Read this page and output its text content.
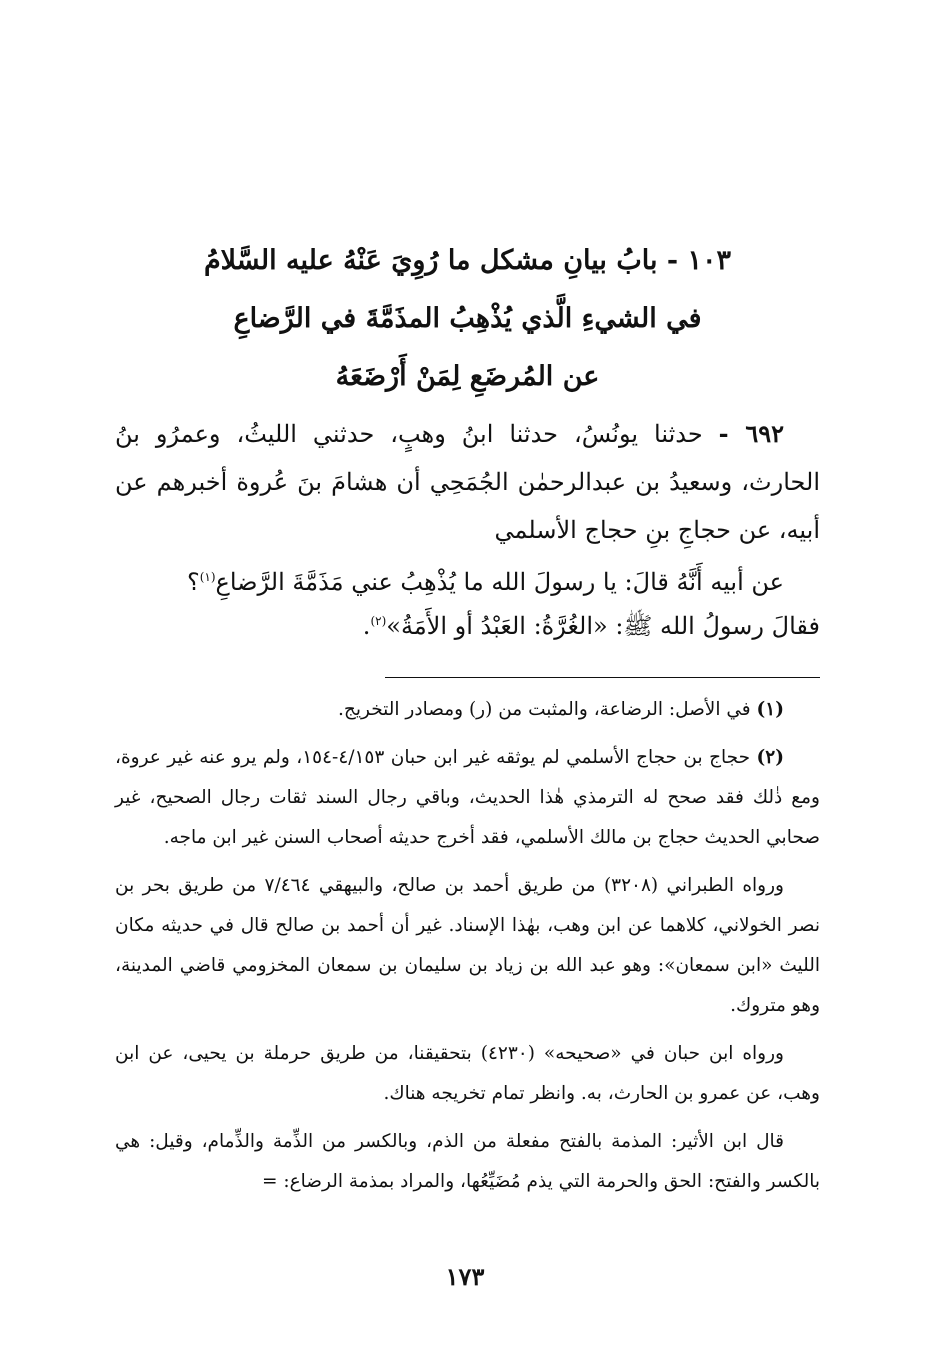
١٠٣ - بابُ بيانِ مشكل ما رُوِيَ عَنْهُ عليه السَّلامُ
في الشيءِ الَّذي يُذْهِبُ المذَمَّةَ في الرَّضاعِ
عن المُرضَعِ لِمَنْ أَرْضَعَهُ

٦٩٢ - حدثنا يونُسُ، حدثنا ابنُ وهبٍ، حدثني الليثُ، وعمرُو بنُ الحارث، وسعيدُ بن عبدالرحمٰن الجُمَحِي أن هشامَ بنَ عُروة أخبرهم عن أبيه، عن حجاجِ بنِ حجاج الأسلمي

عن أبيه أَنَّهُ قالَ: يا رسولَ الله ما يُذْهِبُ عني مَذَمَّةَ الرَّضاعِ$^{(١)}$؟
فقالَ رسولُ الله ﷺ: «الغُرَّةُ: العَبْدُ أو الأَمَةُ»$^{(٢)}$.

(١) في الأصل: الرضاعة، والمثبت من (ر) ومصادر التخريج.

(٢) حجاج بن حجاج الأسلمي لم يوثقه غير ابن حبان ٤/١٥٣-١٥٤، ولم يرو عنه غير عروة، ومع ذٰلك فقد صحح له الترمذي هٰذا الحديث، وباقي رجال السند ثقات رجال الصحيح، غير صحابي الحديث حجاج بن مالك الأسلمي، فقد أخرج حديثه أصحاب السنن غير ابن ماجه.

ورواه الطبراني (٣٢٠٨) من طريق أحمد بن صالح، والبيهقي ٧/٤٦٤ من طريق بحر بن نصر الخولاني، كلاهما عن ابن وهب، بهٰذا الإسناد. غير أن أحمد بن صالح قال في حديثه مكان الليث «ابن سمعان»: وهو عبد الله بن زياد بن سليمان بن سمعان المخزومي قاضي المدينة، وهو متروك.

ورواه ابن حبان في «صحيحه» (٤٢٣٠) بتحقيقنا، من طريق حرملة بن يحيى، عن ابن وهب، عن عمرو بن الحارث، به. وانظر تمام تخريجه هناك.

قال ابن الأثير: المذمة بالفتح مفعلة من الذم، وبالكسر من الذِّمة والذِّمام، وقيل: هي بالكسر والفتح: الحق والحرمة التي يذم مُضَيِّعُها، والمراد بمذمة الرضاع: =

١٧٣
